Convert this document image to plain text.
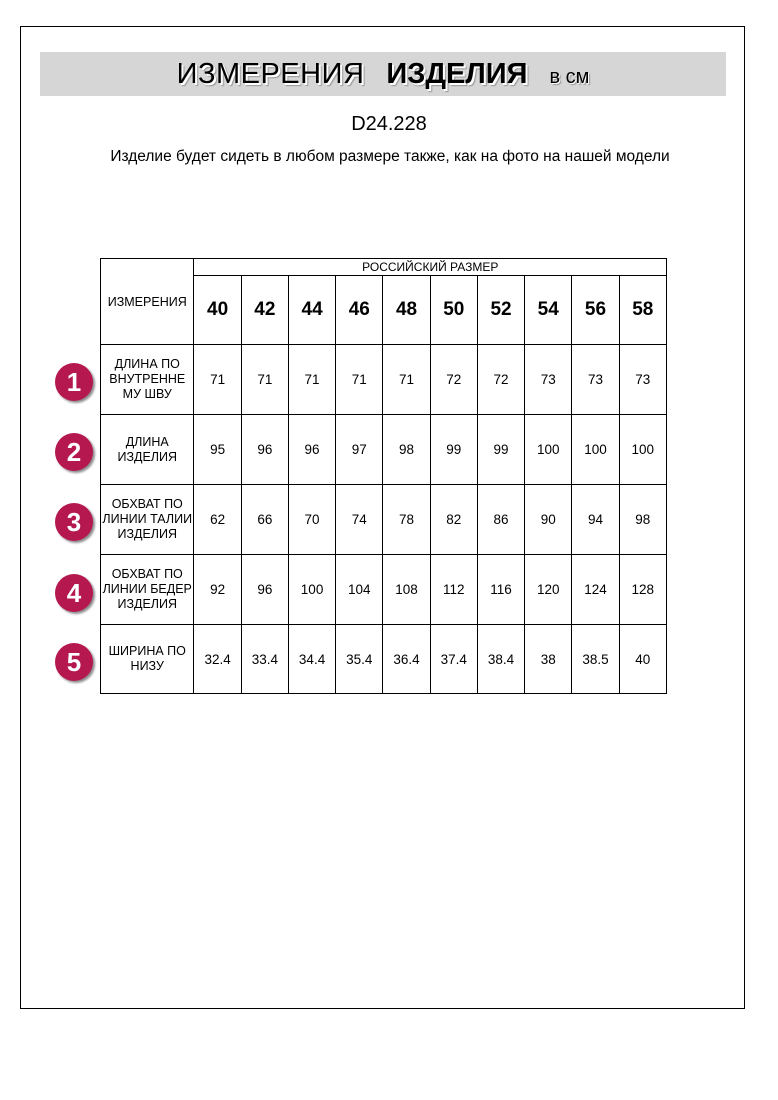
ИЗМЕРЕНИЯ ИЗДЕЛИЯ в см
D24.228
Изделие будет сидеть в любом размере также, как на фото на нашей модели
1
2
3
4
5
ИЗМЕРЕНИЯ	РОССИЙСКИЙ РАЗМЕР									
	40	42	44	46	48	50	52	54	56	58
ДЛИНА ПО ВНУТРЕННЕ МУ ШВУ	71	71	71	71	71	72	72	73	73	73
ДЛИНА ИЗДЕЛИЯ	95	96	96	97	98	99	99	100	100	100
ОБХВАТ ПО ЛИНИИ ТАЛИИ ИЗДЕЛИЯ	62	66	70	74	78	82	86	90	94	98
ОБХВАТ ПО ЛИНИИ БЕДЕР ИЗДЕЛИЯ	92	96	100	104	108	112	116	120	124	128
ШИРИНА ПО НИЗУ	32.4	33.4	34.4	35.4	36.4	37.4	38.4	38	38.5	40
